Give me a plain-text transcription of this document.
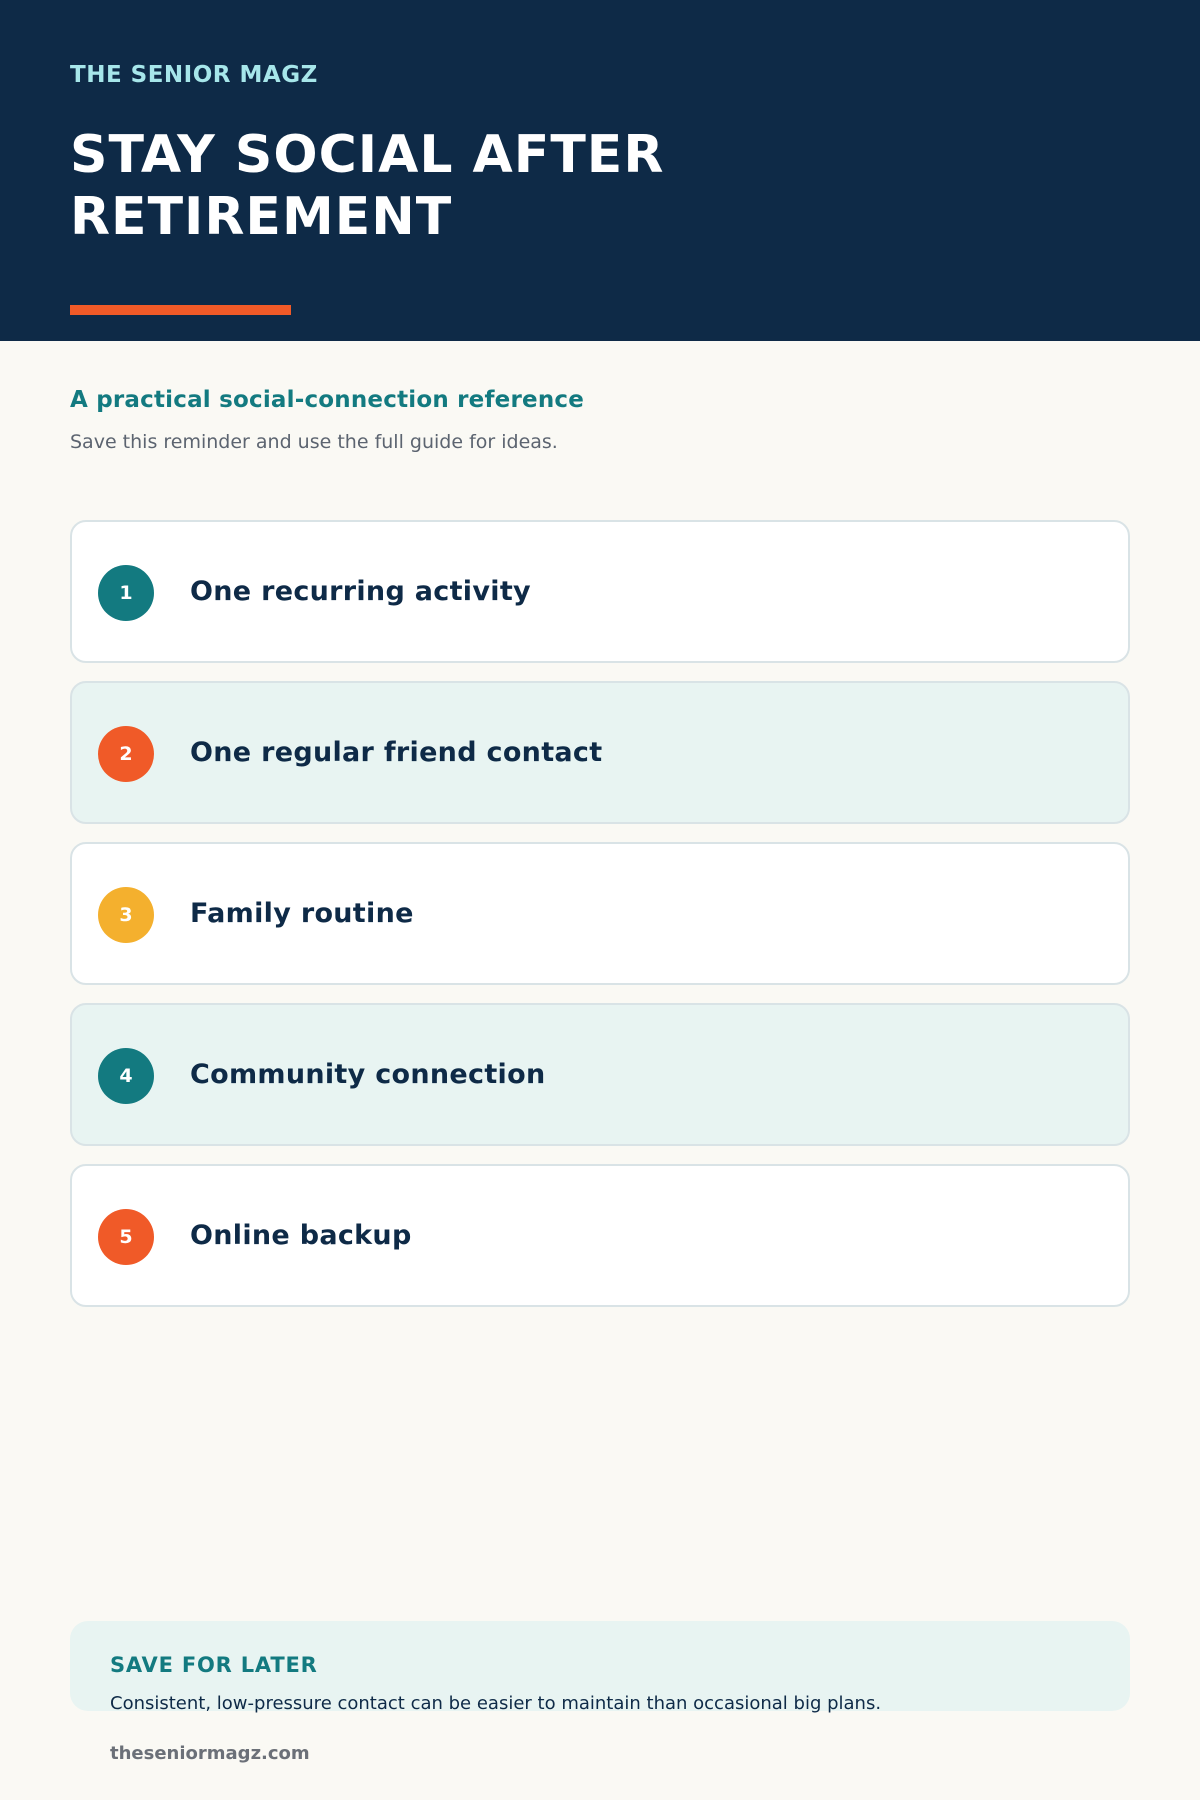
THE SENIOR MAGZ
STAY SOCIAL AFTER RETIREMENT
A practical social-connection reference
Save this reminder and use the full guide for ideas.
1	One recurring activity
2	One regular friend contact
3	Family routine
4	Community connection
5	Online backup
SAVE FOR LATER
Consistent, low-pressure contact can be easier to maintain than occasional big plans.
theseniormagz.com
